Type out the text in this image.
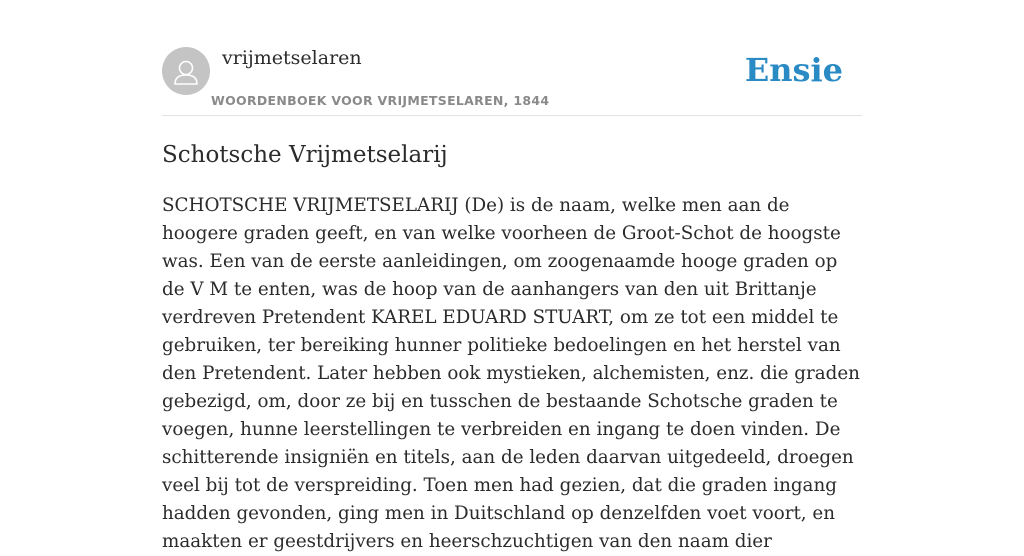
vrijmetselaren
WOORDENBOEK VOOR VRIJMETSELAREN, 1844
Ensie
Schotsche Vrijmetselarij

SCHOTSCHE VRIJMETSELARIJ (De) is de naam, welke men aan de hoogere graden geeft, en van welke voorheen de Groot-Schot de hoogste was. Een van de eerste aanleidingen, om zoogenaamde hooge graden op de V M te enten, was de hoop van de aanhangers van den uit Brittanje verdreven Pretendent KAREL EDUARD STUART, om ze tot een middel te gebruiken, ter bereiking hunner politieke bedoelingen en het herstel van den Pretendent. Later hebben ook mystieken, alchemisten, enz. die graden gebezigd, om, door ze bij en tusschen de bestaande Schotsche graden te voegen, hunne leerstellingen te verbreiden en ingang te doen vinden. De schitterende insigniën en titels, aan de leden daarvan uitgedeeld, droegen veel bij tot de verspreiding. Toen men had gezien, dat die graden ingang hadden gevonden, ging men in Duitschland op denzelfden voet voort, en maakten er geestdrijvers en heerschzuchtigen van den naam dier
